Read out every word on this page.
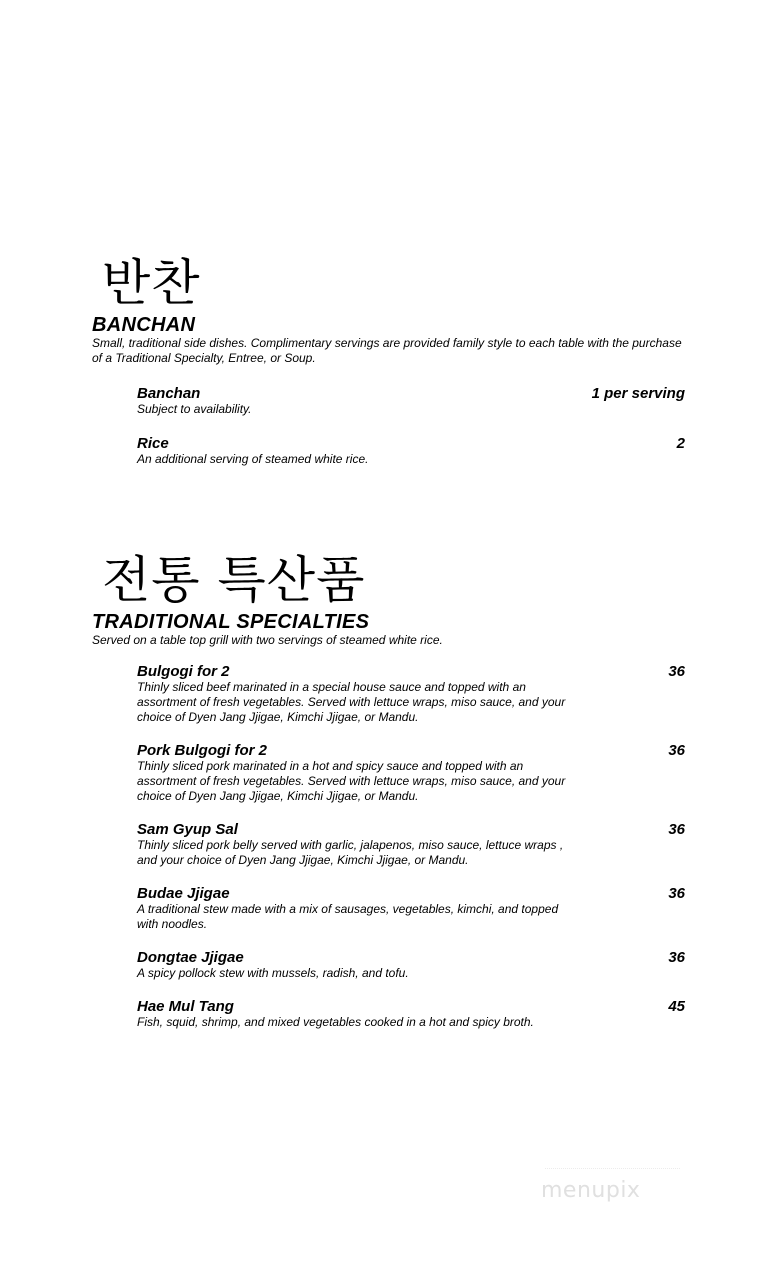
반찬
BANCHAN
Small, traditional side dishes. Complimentary servings are provided family style to each table with the purchase of a Traditional Specialty, Entree, or Soup.
Banchan	1 per serving
Subject to availability.
Rice	2
An additional serving of steamed white rice.
전통 특산품
TRADITIONAL SPECIALTIES
Served on a table top grill with two servings of steamed white rice.
Bulgogi for 2	36
Thinly sliced beef marinated in a special house sauce and topped with an assortment of fresh vegetables. Served with lettuce wraps, miso sauce, and your choice of Dyen Jang Jjigae, Kimchi Jjigae, or Mandu.
Pork Bulgogi for 2	36
Thinly sliced pork marinated in a hot and spicy sauce and topped with an assortment of fresh vegetables. Served with lettuce wraps, miso sauce, and your choice of Dyen Jang Jjigae, Kimchi Jjigae, or Mandu.
Sam Gyup Sal	36
Thinly sliced pork belly served with garlic, jalapenos, miso sauce, lettuce wraps , and your choice of Dyen Jang Jjigae, Kimchi Jjigae, or Mandu.
Budae Jjigae	36
A traditional stew made with a mix of sausages, vegetables, kimchi, and topped with noodles.
Dongtae Jjigae	36
A spicy pollock stew with mussels, radish, and tofu.
Hae Mul Tang	45
Fish, squid, shrimp, and mixed vegetables cooked in a hot and spicy broth.
menupix
